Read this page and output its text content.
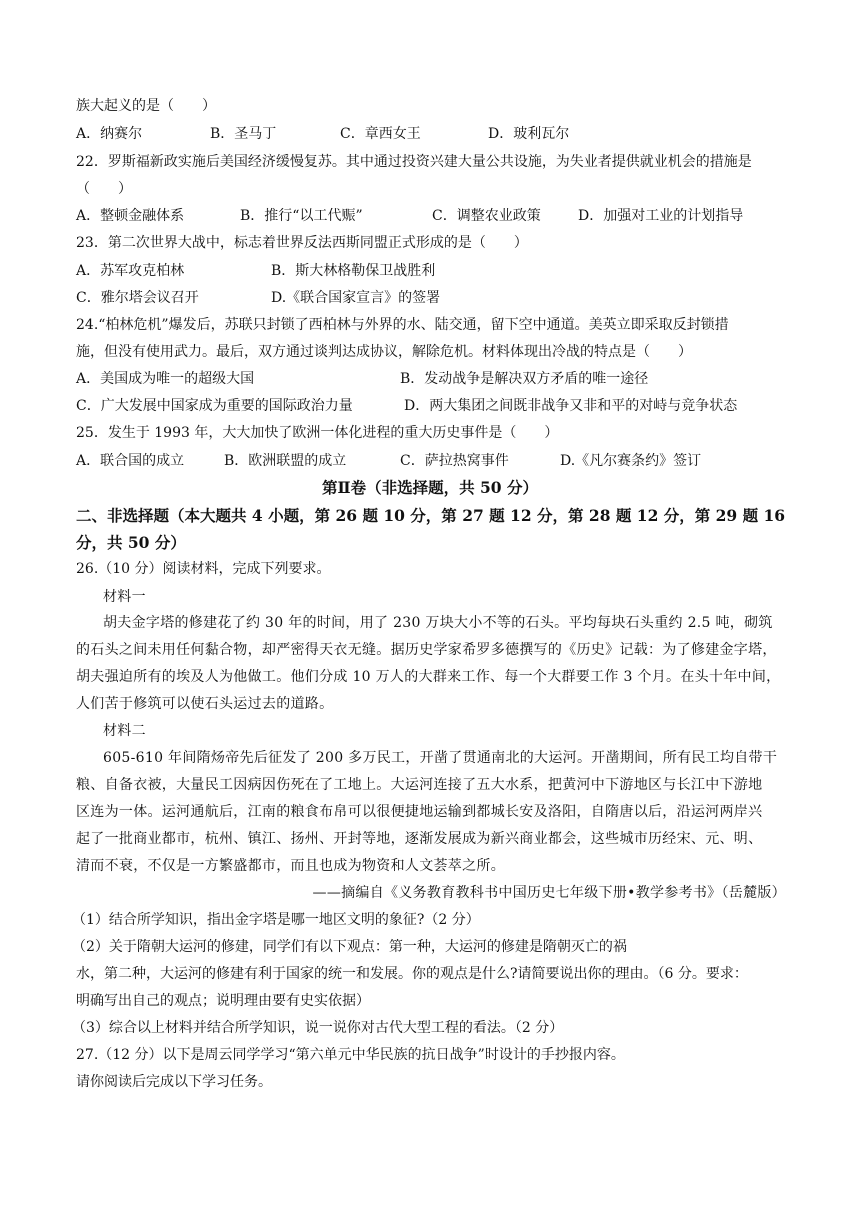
族大起义的是（　　）
A．纳赛尔	B．圣马丁	C．章西女王	D．玻利瓦尔
22．罗斯福新政实施后美国经济缓慢复苏。其中通过投资兴建大量公共设施，为失业者提供就业机会的措施是
（　　）
A．整顿金融体系	B．推行“以工代赈”	C．调整农业政策	D．加强对工业的计划指导
23．第二次世界大战中，标志着世界反法西斯同盟正式形成的是（　　）
A．苏军攻克柏林	B．斯大林格勒保卫战胜利
C．雅尔塔会议召开	D.《联合国家宣言》的签署
24.“柏林危机”爆发后，苏联只封锁了西柏林与外界的水、陆交通，留下空中通道。美英立即采取反封锁措
施，但没有使用武力。最后，双方通过谈判达成协议，解除危机。材料体现出冷战的特点是（　　）
A．美国成为唯一的超级大国	B．发动战争是解决双方矛盾的唯一途径
C．广大发展中国家成为重要的国际政治力量	D．两大集团之间既非战争又非和平的对峙与竞争状态
25．发生于 1993 年，大大加快了欧洲一体化进程的重大历史事件是（　　）
A．联合国的成立	B．欧洲联盟的成立	C．萨拉热窝事件	D.《凡尔赛条约》签订
第Ⅱ卷（非选择题，共 50 分）
二、非选择题（本大题共 4 小题，第 26 题 10 分，第 27 题 12 分，第 28 题 12 分，第 29 题 16
分，共 50 分）
26.（10 分）阅读材料，完成下列要求。
材料一
胡夫金字塔的修建花了约 30 年的时间，用了 230 万块大小不等的石头。平均每块石头重约 2.5 吨，砌筑
的石头之间未用任何黏合物，却严密得天衣无缝。据历史学家希罗多德撰写的《历史》记载：为了修建金字塔，
胡夫强迫所有的埃及人为他做工。他们分成 10 万人的大群来工作、每一个大群要工作 3 个月。在头十年中间，
人们苦于修筑可以使石头运过去的道路。
材料二
605-610 年间隋炀帝先后征发了 200 多万民工，开凿了贯通南北的大运河。开凿期间，所有民工均自带干
粮、自备衣被，大量民工因病因伤死在了工地上。大运河连接了五大水系，把黄河中下游地区与长江中下游地
区连为一体。运河通航后，江南的粮食布帛可以很便捷地运输到都城长安及洛阳，自隋唐以后，沿运河两岸兴
起了一批商业都市，杭州、镇江、扬州、开封等地，逐渐发展成为新兴商业都会，这些城市历经宋、元、明、
清而不衰，不仅是一方繁盛都市，而且也成为物资和人文荟萃之所。
——摘编自《义务教育教科书中国历史七年级下册•教学参考书》（岳麓版）
（1）结合所学知识，指出金字塔是哪一地区文明的象征?（2 分）
（2）关于隋朝大运河的修建，同学们有以下观点：第一种，大运河的修建是隋朝灭亡的祸
水，第二种，大运河的修建有利于国家的统一和发展。你的观点是什么?请简要说出你的理由。（6 分。要求：
明确写出自己的观点；说明理由要有史实依据）
（3）综合以上材料并结合所学知识，说一说你对古代大型工程的看法。（2 分）
27.（12 分）以下是周云同学学习“第六单元中华民族的抗日战争”时设计的手抄报内容。
请你阅读后完成以下学习任务。
